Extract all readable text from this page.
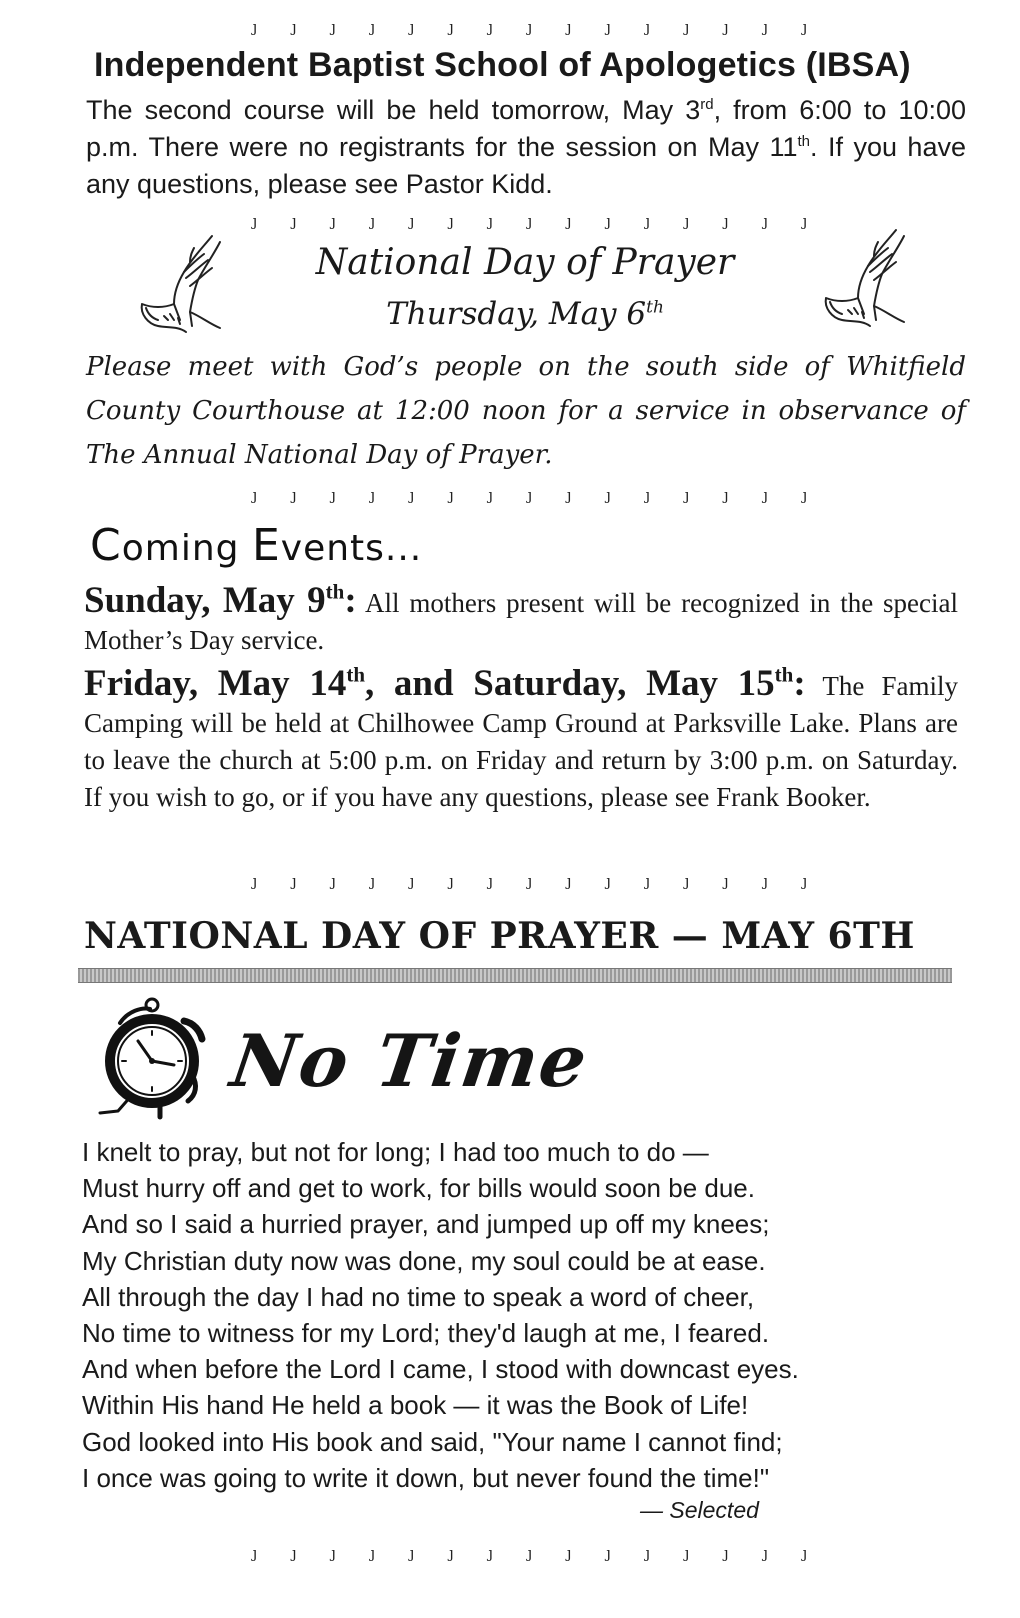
ȷ ȷ ȷ ȷ ȷ ȷ ȷ ȷ ȷ ȷ ȷ ȷ ȷ ȷ ȷ
Independent Baptist School of Apologetics (IBSA)
The second course will be held tomorrow, May 3rd, from 6:00 to 10:00 p.m. There were no registrants for the session on May 11th. If you have any questions, please see Pastor Kidd.
ȷ ȷ ȷ ȷ ȷ ȷ ȷ ȷ ȷ ȷ ȷ ȷ ȷ ȷ ȷ
National Day of Prayer
Thursday, May 6th
Please meet with God’s people on the south side of Whitfield County Courthouse at 12:00 noon for a service in observance of The Annual National Day of Prayer.
ȷ ȷ ȷ ȷ ȷ ȷ ȷ ȷ ȷ ȷ ȷ ȷ ȷ ȷ ȷ
Coming Events...

Sunday, May 9th: All mothers present will be recognized in the special Mother’s Day service.

Friday, May 14th, and Saturday, May 15th: The Family Camping will be held at Chilhowee Camp Ground at Parksville Lake. Plans are to leave the church at 5:00 p.m. on Friday and return by 3:00 p.m. on Saturday. If you wish to go, or if you have any questions, please see Frank Booker.

ȷ ȷ ȷ ȷ ȷ ȷ ȷ ȷ ȷ ȷ ȷ ȷ ȷ ȷ ȷ
NATIONAL DAY OF PRAYER — MAY 6TH
No Time
I knelt to pray, but not for long; I had too much to do —
Must hurry off and get to work, for bills would soon be due.
And so I said a hurried prayer, and jumped up off my knees;
My Christian duty now was done, my soul could be at ease.
All through the day I had no time to speak a word of cheer,
No time to witness for my Lord; they'd laugh at me, I feared.
And when before the Lord I came, I stood with downcast eyes.
Within His hand He held a book — it was the Book of Life!
God looked into His book and said, "Your name I cannot find;
I once was going to write it down, but never found the time!"
— Selected
ȷ ȷ ȷ ȷ ȷ ȷ ȷ ȷ ȷ ȷ ȷ ȷ ȷ ȷ ȷ
